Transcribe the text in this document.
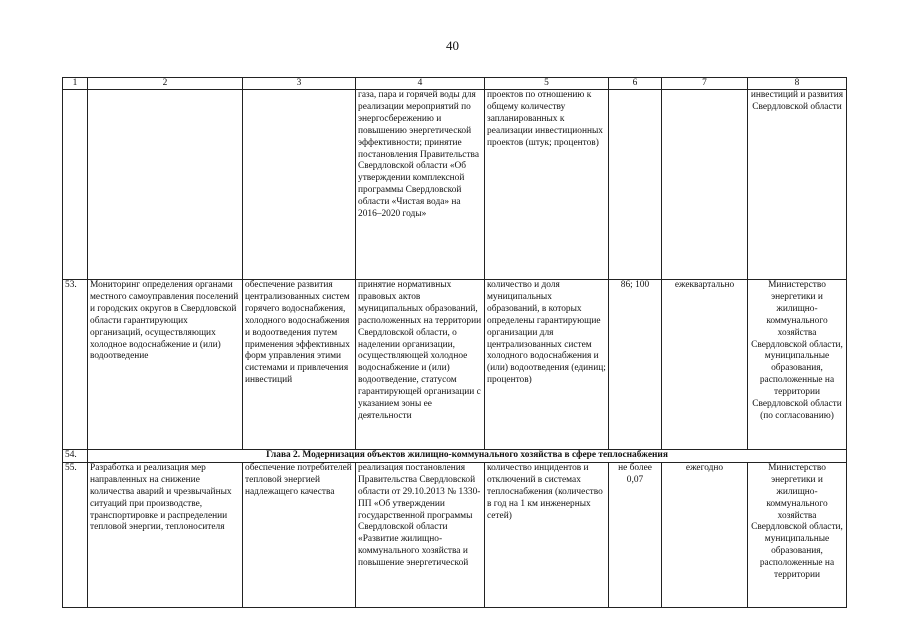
40
1	2	3	4	5	6	7	8
			газа, пара и горячей воды для реализации мероприятий по энергосбережению и повышению энергетической эффективности; принятие постановления Правительства Свердловской области «Об утверждении комплексной программы Свердловской области «Чистая вода» на 2016–2020 годы»	проектов по отношению к общему количеству запланированных к реализации инвестиционных проектов (штук; процентов)			инвестиций и развития Свердловской области
53.	Мониторинг определения органами местного самоуправления поселений и городских округов в Свердловской области гарантирующих организаций, осуществляющих холодное водоснабжение и (или) водоотведение	обеспечение развития централизованных систем горячего водоснабжения, холодного водоснабжения и водоотведения путем применения эффективных форм управления этими системами и привлечения инвестиций	принятие нормативных правовых актов муниципальных образований, расположенных на территории Свердловской области, о наделении организации, осуществляющей холодное водоснабжение и (или) водоотведение, статусом гарантирующей организации с указанием зоны ее деятельности	количество и доля муниципальных образований, в которых определены гарантирующие организации для централизованных систем холодного водоснабжения и (или) водоотведения (единиц; процентов)	86; 100	ежеквартально	Министерство энергетики и жилищно-коммунального хозяйства Свердловской области, муниципальные образования, расположенные на территории Свердловской области (по согласованию)
54.	Глава 2. Модернизация объектов жилищно-коммунального хозяйства в сфере теплоснабжения						
55.	Разработка и реализация мер направленных на снижение количества аварий и чрезвычайных ситуаций при производстве, транспортировке и распределении тепловой энергии, теплоносителя	обеспечение потребителей тепловой энергией надлежащего качества	реализация постановления Правительства Свердловской области от 29.10.2013 № 1330-ПП «Об утверждении государственной программы Свердловской области «Развитие жилищно-коммунального хозяйства и повышение энергетической	количество инцидентов и отключений в системах теплоснабжения (количество в год на 1 км инженерных сетей)	не более 0,07	ежегодно	Министерство энергетики и жилищно-коммунального хозяйства Свердловской области, муниципальные образования, расположенные на территории
